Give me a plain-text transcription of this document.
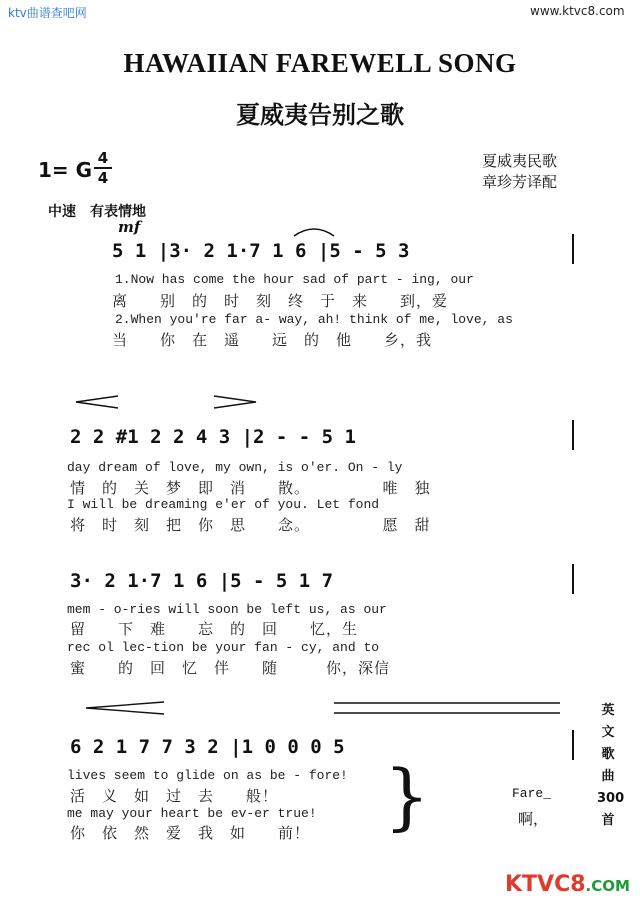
ktv曲谱查吧网	www.ktvc8.com
HAWAIIAN FAREWELL SONG
夏威夷告别之歌
1= G 4
4
夏威夷民歌
章珍芳译配
中速　有表情地
mf
5 1 |3· 2 1·7 1 6 |5 - 5 3
1.Now has come the hour sad of part - ing, our
离　　别　的　时　刻　终　于　来　　到，爱
2.When you're far a- way, ah! think of me, love, as
当　　你　在　遥　　远　的　他　　乡，我
2 2 #1 2 2 4 3 |2 - - 5 1
day dream of love, my own, is o'er. On - ly
情　的　关　梦　即　消　　散。　　　　　唯　独
I will be dreaming e'er of you. Let fond
将　时　刻　把　你　思　　念。　　　　　愿　甜
3· 2 1·7 1 6 |5 - 5 1 7
mem - o-ries will soon be left us, as our
留　　下　难　　忘　的　回　　忆，生
rec ol lec-tion be your fan - cy, and to
蜜　　的　回　忆　伴　　随　　　你，深信
6 2 1 7 7 3 2 |1 0 0 0 5
lives seem to glide on as be - fore!
活　义　如　过　去　　般！
me may your heart be ev-er true!
你　依　然　爱　我　如　　前！ }	Fare_
啊，
英文歌曲300首
KTVC8.COM
